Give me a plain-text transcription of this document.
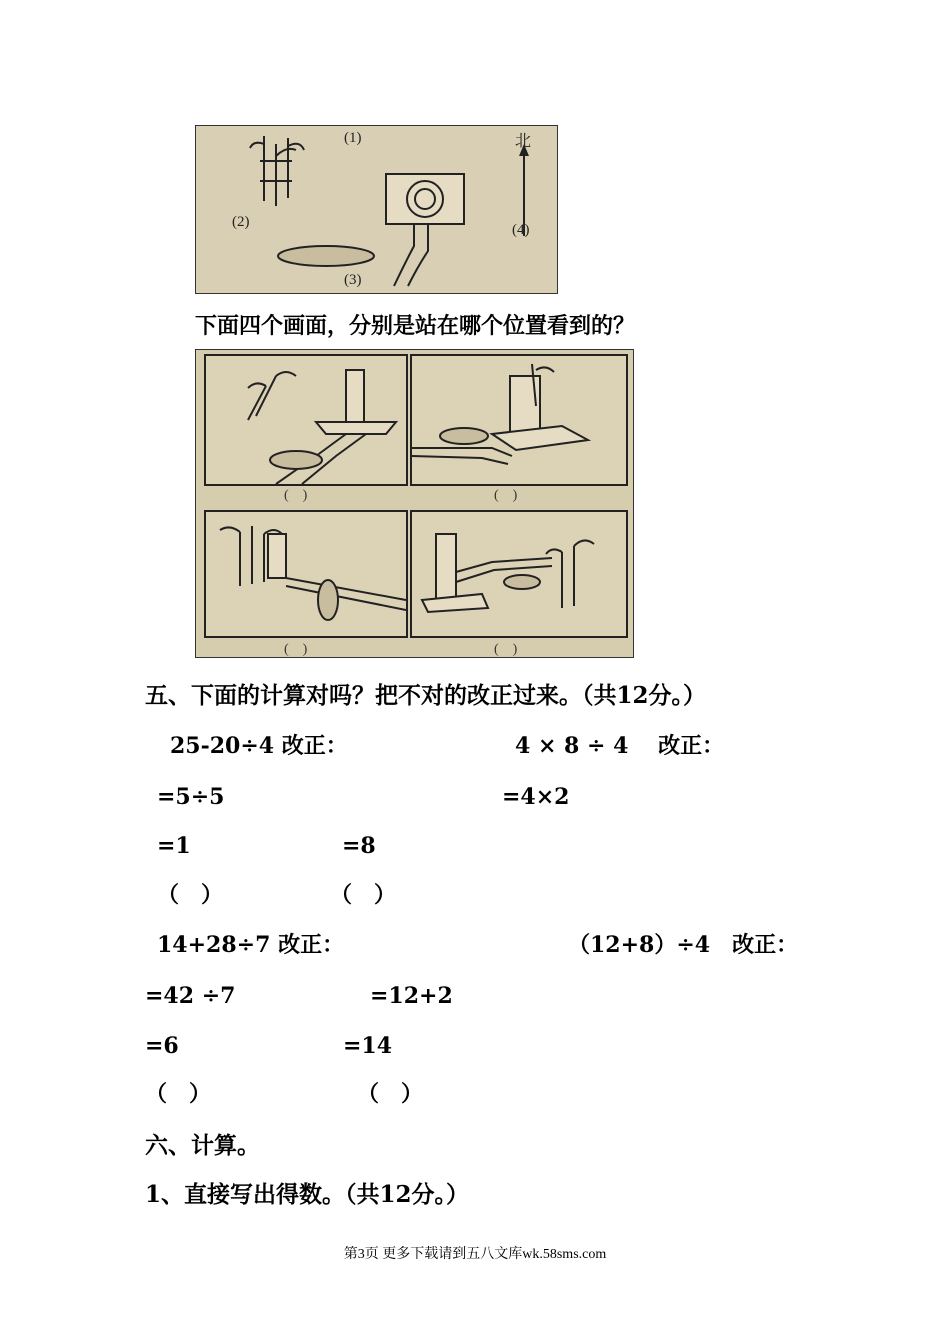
(1)
(2)
(3)
(4)
北
下面四个画面，分别是站在哪个位置看到的？
(　)	(　)
(　)	(　)
五、下面的计算对吗？把不对的改正过来。（共12分。）
25-20÷4 改正：	4 × 8 ÷ 4　 改正：
=5÷5	=4×2
=1	=8
（　）	（　）
14+28÷7 改正：	（12+8）÷4　改正：
=42 ÷7	=12+2
=6	=14
（　）	（　）
六、计算。
1、直接写出得数。（共12分。）
第3页 更多下载请到五八文库wk.58sms.com
